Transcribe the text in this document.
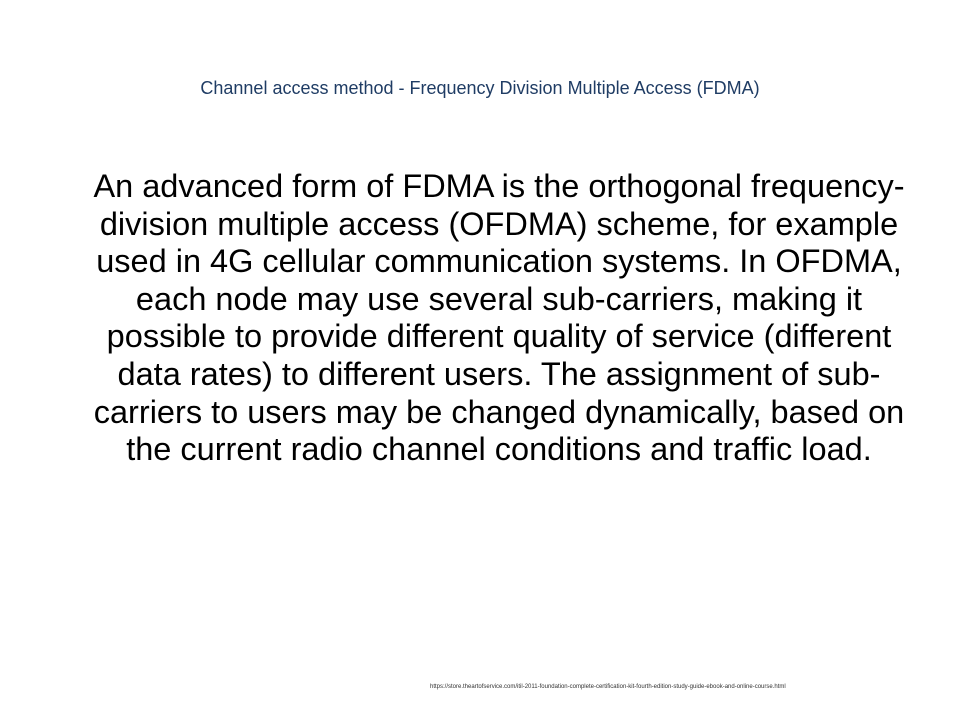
Channel access method - Frequency Division Multiple Access (FDMA)
An advanced form of FDMA is the orthogonal frequency-division multiple access (OFDMA) scheme, for example used in 4G cellular communication systems. In OFDMA, each node may use several sub-carriers, making it possible to provide different quality of service (different data rates) to different users. The assignment of sub-carriers to users may be changed dynamically, based on the current radio channel conditions and traffic load.
https://store.theartofservice.com/itil-2011-foundation-complete-certification-kit-fourth-edition-study-guide-ebook-and-online-course.html
